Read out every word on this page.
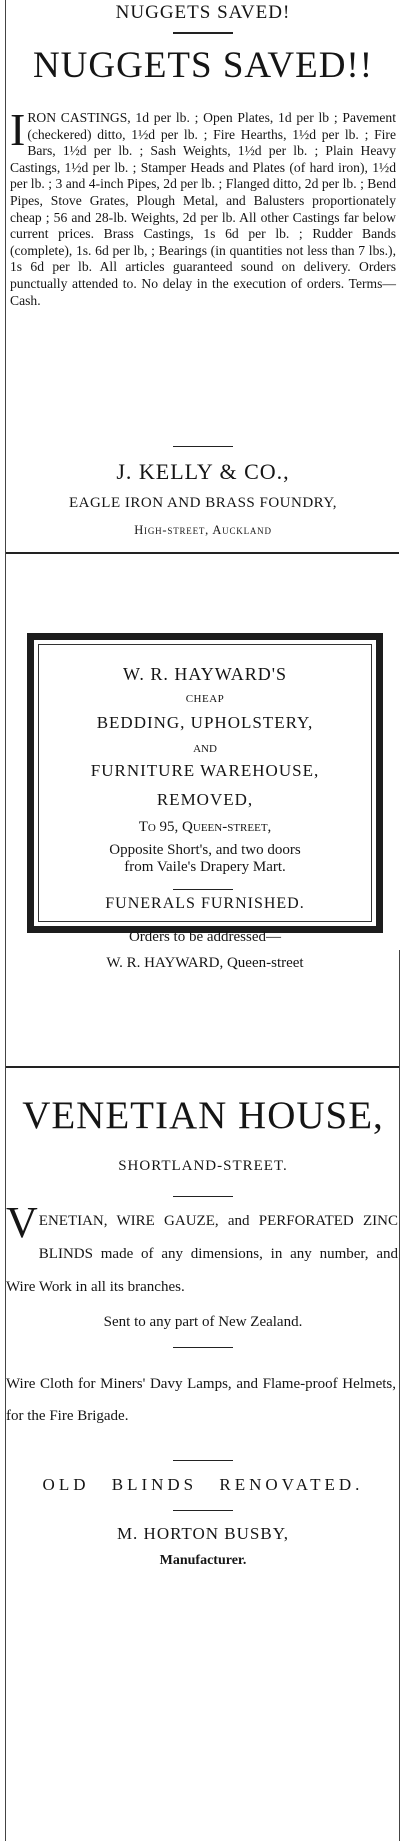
NUGGETS SAVED!
NUGGETS SAVED!!
IRON CASTINGS, 1d per lb. ; Open Plates, 1d per lb ; Pavement (checkered) ditto, 1½d per lb. ; Fire Hearths, 1½d per lb. ; Fire Bars, 1½d per lb. ; Sash Weights, 1½d per lb. ; Plain Heavy Castings, 1½d per lb. ; Stamper Heads and Plates (of hard iron), 1½d per lb. ; 3 and 4-inch Pipes, 2d per lb. ; Flanged ditto, 2d per lb. ; Bend Pipes, Stove Grates, Plough Metal, and Balusters proportionately cheap ; 56 and 28-lb. Weights, 2d per lb. All other Castings far below current prices. Brass Castings, 1s 6d per lb. ; Rudder Bands (complete), 1s. 6d per lb, ; Bearings (in quantities not less than 7 lbs.), 1s 6d per lb. All articles guaranteed sound on delivery. Orders punctually attended to. No delay in the execution of orders. Terms—Cash.
J. KELLY & CO.,
EAGLE IRON AND BRASS FOUNDRY,
High-street, Auckland
W. R. HAYWARD'S
CHEAP
BEDDING, UPHOLSTERY,
AND
FURNITURE WAREHOUSE,
REMOVED,
To 95, Queen-street,
Opposite Short's, and two doors
from Vaile's Drapery Mart.
FUNERALS FURNISHED.
Orders to be addressed—
W. R. HAYWARD, Queen-street
VENETIAN HOUSE,
SHORTLAND-STREET.
VENETIAN, WIRE GAUZE, and PERFORATED ZINC BLINDS made of any dimensions, in any number, and Wire Work in all its branches.
Sent to any part of New Zealand.
Wire Cloth for Miners' Davy Lamps, and Flame-proof Helmets, for the Fire Brigade.
OLD BLINDS RENOVATED.
M. HORTON BUSBY,
Manufacturer.
